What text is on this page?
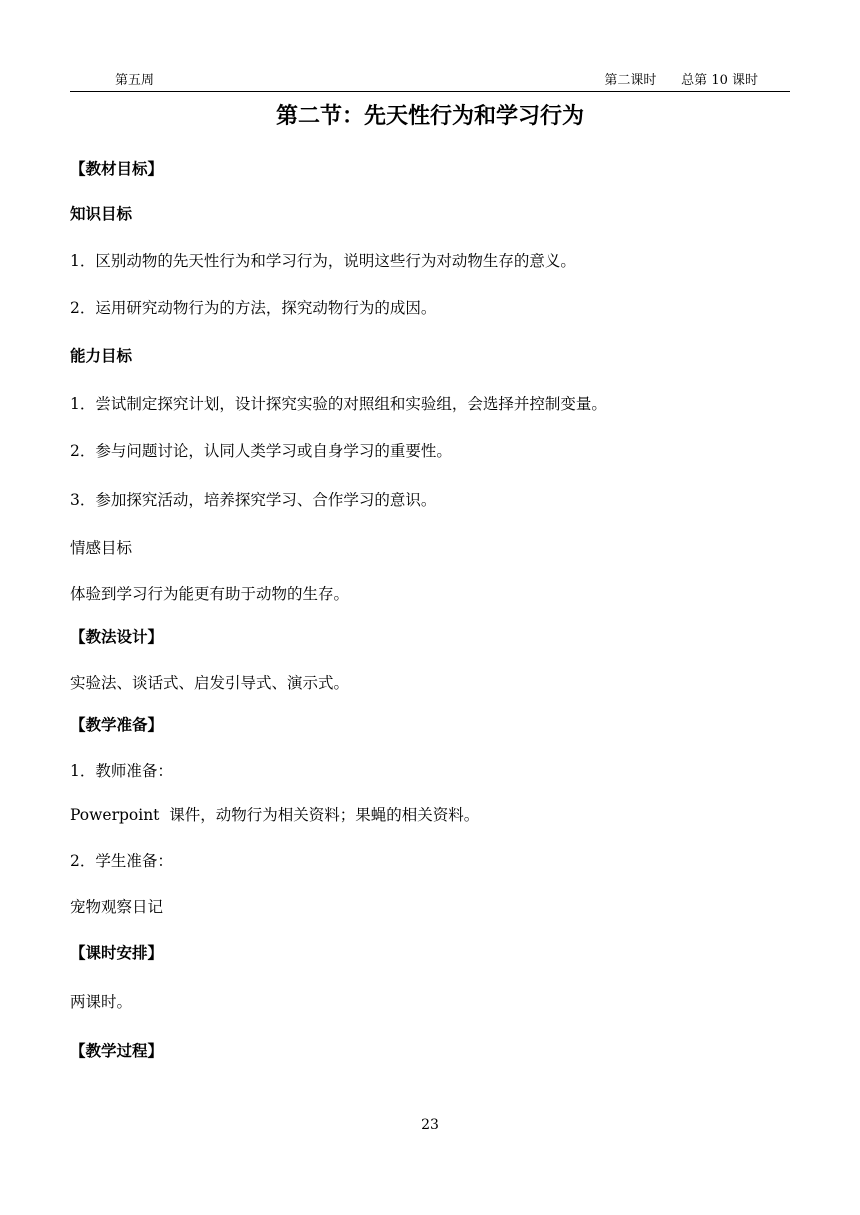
第五周	第二课时      总第 10 课时
第二节：先天性行为和学习行为
【教材目标】
知识目标
1．区别动物的先天性行为和学习行为，说明这些行为对动物生存的意义。
2．运用研究动物行为的方法，探究动物行为的成因。
能力目标
1．尝试制定探究计划，设计探究实验的对照组和实验组，会选择并控制变量。
2．参与问题讨论，认同人类学习或自身学习的重要性。
3．参加探究活动，培养探究学习、合作学习的意识。
情感目标
体验到学习行为能更有助于动物的生存。
【教法设计】
实验法、谈话式、启发引导式、演示式。
【教学准备】
1．教师准备：
Powerpoint  课件，动物行为相关资料；果蝇的相关资料。
2．学生准备：
宠物观察日记
【课时安排】
两课时。
【教学过程】
23
